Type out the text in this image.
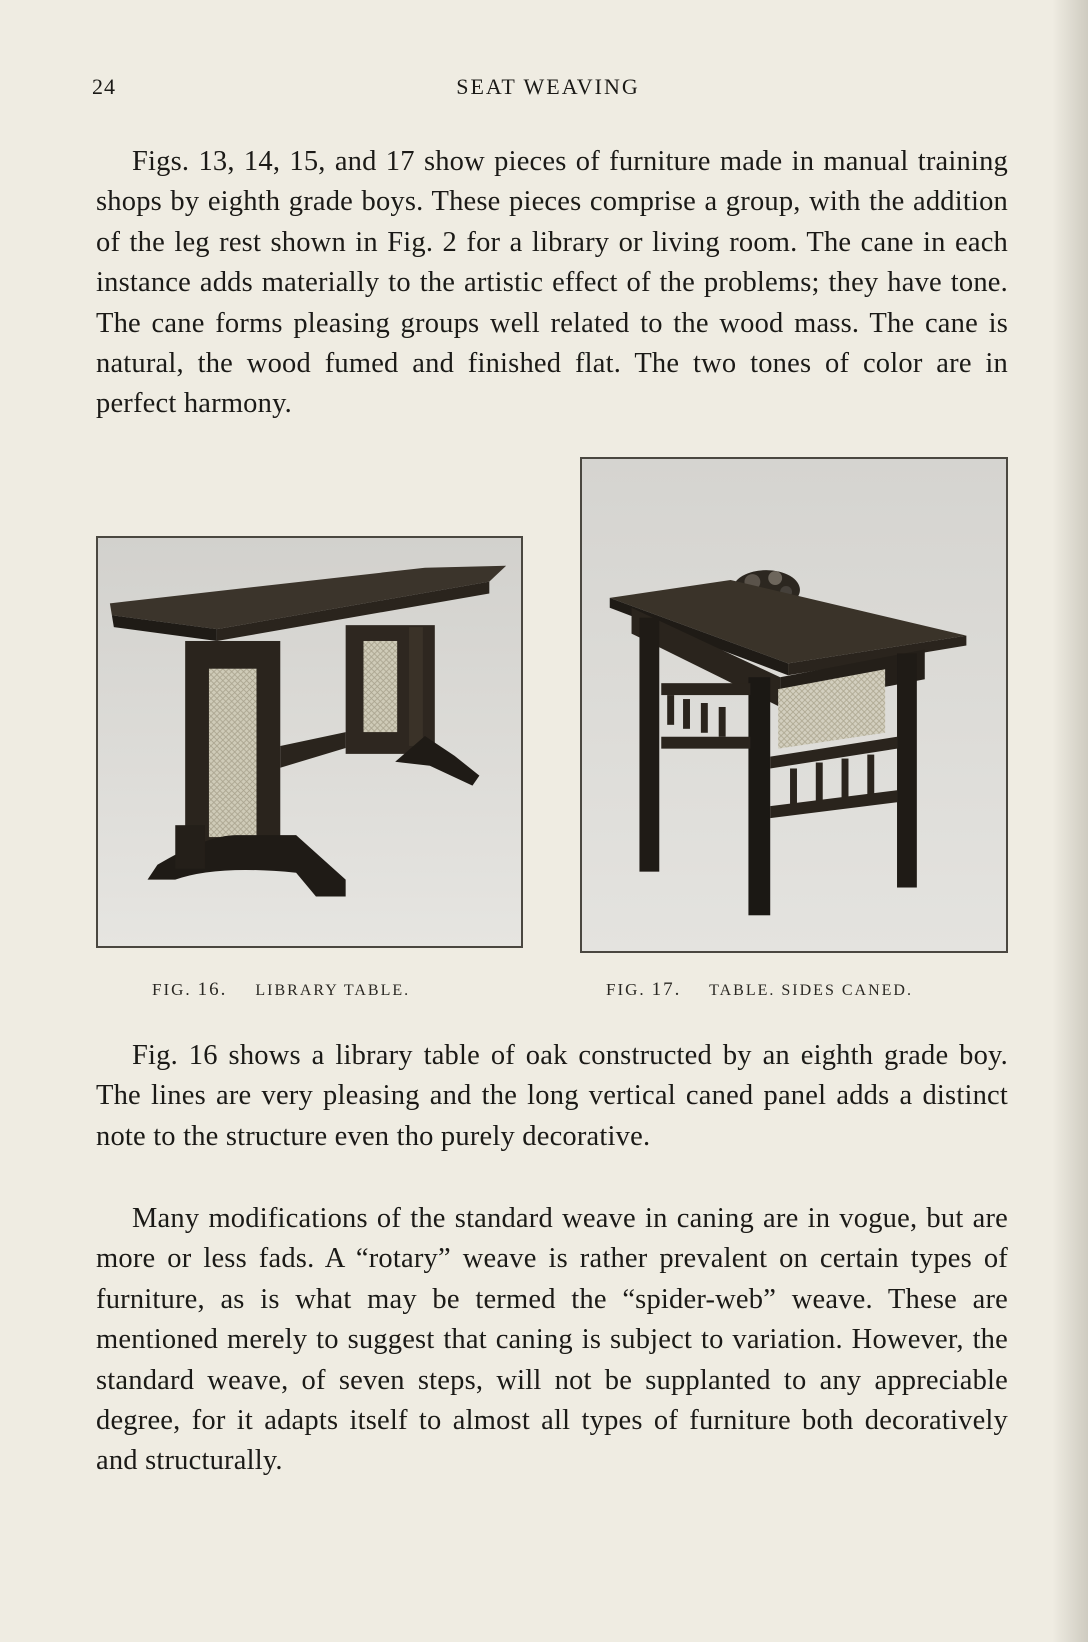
24	SEAT WEAVING

Figs. 13, 14, 15, and 17 show pieces of furniture made in manual training shops by eighth grade boys. These pieces comprise a group, with the addition of the leg rest shown in Fig. 2 for a library or living room. The cane in each instance adds materially to the artistic effect of the problems; they have tone. The cane forms pleasing groups well related to the wood mass. The cane is natural, the wood fumed and finished flat. The two tones of color are in perfect harmony.

FIG. 16. LIBRARY TABLE.	FIG. 17. TABLE. SIDES CANED.

Fig. 16 shows a library table of oak constructed by an eighth grade boy. The lines are very pleasing and the long vertical caned panel adds a distinct note to the structure even tho purely decorative.

Many modifications of the standard weave in caning are in vogue, but are more or less fads. A “rotary” weave is rather prevalent on certain types of furniture, as is what may be termed the “spider-web” weave. These are mentioned merely to suggest that caning is subject to variation. However, the standard weave, of seven steps, will not be supplanted to any appreciable degree, for it adapts itself to almost all types of furniture both decoratively and structurally.
